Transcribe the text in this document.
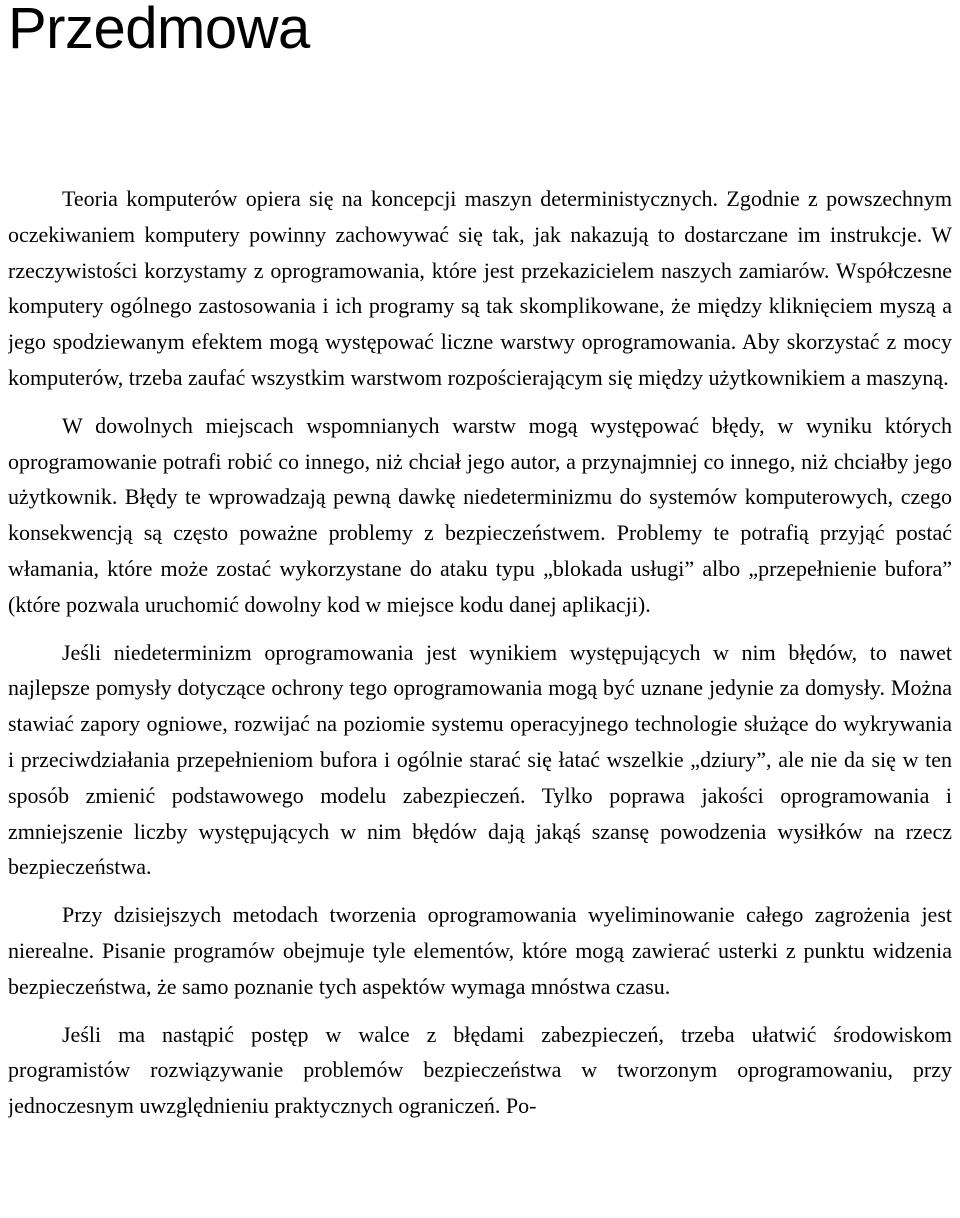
Przedmowa

Teoria komputerów opiera się na koncepcji maszyn deterministycznych. Zgodnie z powszechnym oczekiwaniem komputery powinny zachowywać się tak, jak nakazują to dostarczane im instrukcje. W rzeczywistości korzystamy z oprogramowania, które jest przekazicielem naszych zamiarów. Współczesne komputery ogólnego zastosowania i ich programy są tak skomplikowane, że między kliknięciem myszą a jego spodziewanym efektem mogą występować liczne warstwy oprogramowania. Aby skorzystać z mocy komputerów, trzeba zaufać wszystkim warstwom rozpościerającym się między użytkownikiem a maszyną.

W dowolnych miejscach wspomnianych warstw mogą występować błędy, w wyniku których oprogramowanie potrafi robić co innego, niż chciał jego autor, a przynajmniej co innego, niż chciałby jego użytkownik. Błędy te wprowadzają pewną dawkę niedeterminizmu do systemów komputerowych, czego konsekwencją są często poważne problemy z bezpieczeństwem. Problemy te potrafią przyjąć postać włamania, które może zostać wykorzystane do ataku typu „blokada usługi” albo „przepełnienie bufora” (które pozwala uruchomić dowolny kod w miejsce kodu danej aplikacji).

Jeśli niedeterminizm oprogramowania jest wynikiem występujących w nim błędów, to nawet najlepsze pomysły dotyczące ochrony tego oprogramowania mogą być uznane jedynie za domysły. Można stawiać zapory ogniowe, rozwijać na poziomie systemu operacyjnego technologie służące do wykrywania i przeciwdziałania przepełnieniom bufora i ogólnie starać się łatać wszelkie „dziury”, ale nie da się w ten sposób zmienić podstawowego modelu zabezpieczeń. Tylko poprawa jakości oprogramowania i zmniejszenie liczby występujących w nim błędów dają jakąś szansę powodzenia wysiłków na rzecz bezpieczeństwa.

Przy dzisiejszych metodach tworzenia oprogramowania wyeliminowanie całego zagrożenia jest nierealne. Pisanie programów obejmuje tyle elementów, które mogą zawierać usterki z punktu widzenia bezpieczeństwa, że samo poznanie tych aspektów wymaga mnóstwa czasu.

Jeśli ma nastąpić postęp w walce z błędami zabezpieczeń, trzeba ułatwić środowiskom programistów rozwiązywanie problemów bezpieczeństwa w tworzonym oprogramowaniu, przy jednoczesnym uwzględnieniu praktycznych ograniczeń. Po-
